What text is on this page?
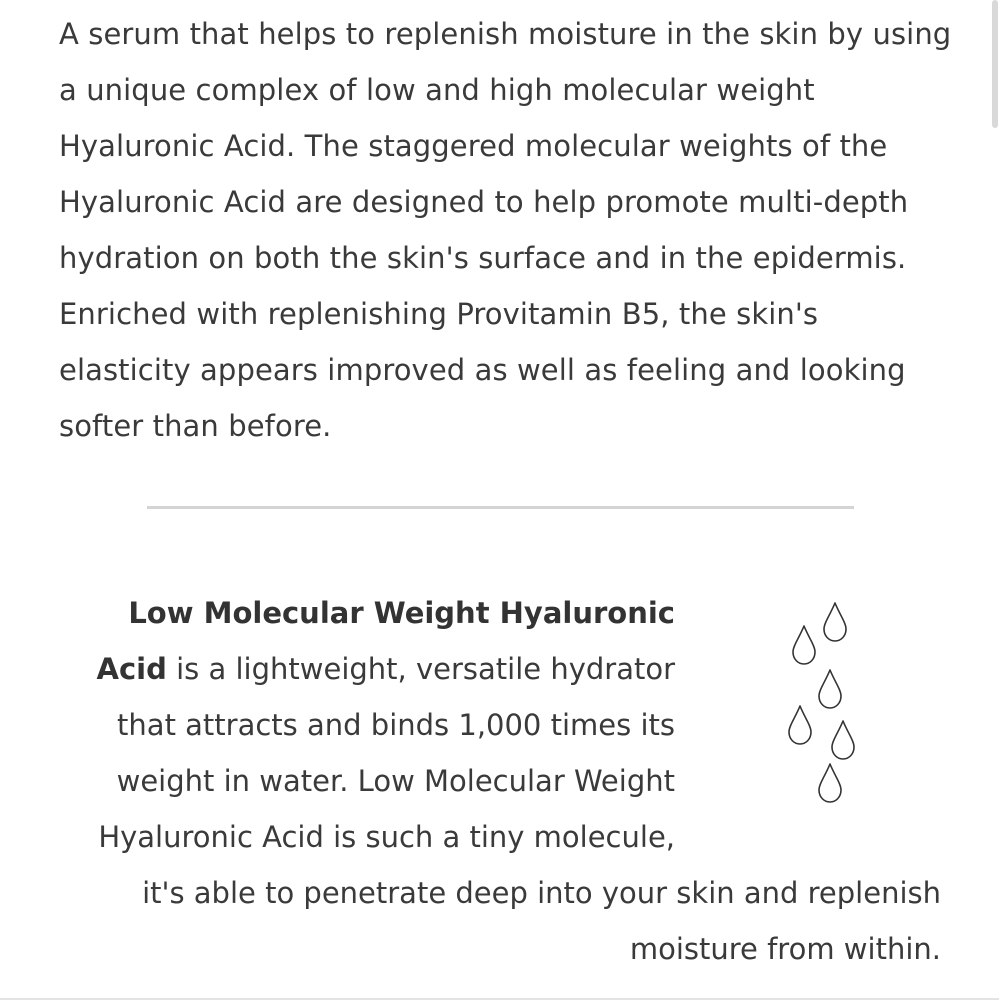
A serum that helps to replenish moisture in the skin by using
a unique complex of low and high molecular weight
Hyaluronic Acid. The staggered molecular weights of the
Hyaluronic Acid are designed to help promote multi-depth
hydration on both the skin's surface and in the epidermis.
Enriched with replenishing Provitamin B5, the skin's
elasticity appears improved as well as feeling and looking
softer than before.
Low Molecular Weight Hyaluronic
Acid is a lightweight, versatile hydrator
that attracts and binds 1,000 times its
weight in water. Low Molecular Weight
Hyaluronic Acid is such a tiny molecule,
it's able to penetrate deep into your skin and replenish
moisture from within.
